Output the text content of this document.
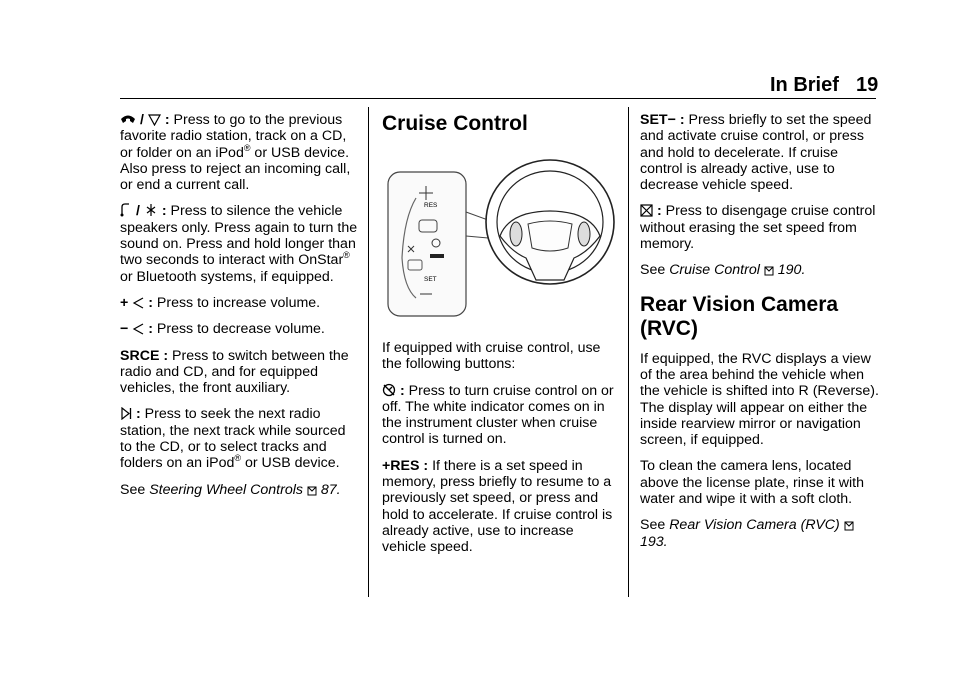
In Brief 19

/ : Press to go to the previous favorite radio station, track on a CD, or folder on an iPod® or USB device. Also press to reject an incoming call, or end a current call.

/ : Press to silence the vehicle speakers only. Press again to turn the sound on. Press and hold longer than two seconds to interact with OnStar® or Bluetooth systems, if equipped.

+ : Press to increase volume.

− : Press to decrease volume.

SRCE : Press to switch between the radio and CD, and for equipped vehicles, the front auxiliary.

: Press to seek the next radio station, the next track while sourced to the CD, or to select tracks and folders on an iPod® or USB device.

See Steering Wheel Controls  87.

Cruise Control
RES
SET

If equipped with cruise control, use the following buttons:

: Press to turn cruise control on or off. The white indicator comes on in the instrument cluster when cruise control is turned on.

+RES : If there is a set speed in memory, press briefly to resume to a previously set speed, or press and hold to accelerate. If cruise control is already active, use to increase vehicle speed.

SET− : Press briefly to set the speed and activate cruise control, or press and hold to decelerate. If cruise control is already active, use to decrease vehicle speed.

: Press to disengage cruise control without erasing the set speed from memory.

See Cruise Control  190.

Rear Vision Camera (RVC)

If equipped, the RVC displays a view of the area behind the vehicle when the vehicle is shifted into R (Reverse). The display will appear on either the inside rearview mirror or navigation screen, if equipped.

To clean the camera lens, located above the license plate, rinse it with water and wipe it with a soft cloth.

See Rear Vision Camera (RVC)  193.
